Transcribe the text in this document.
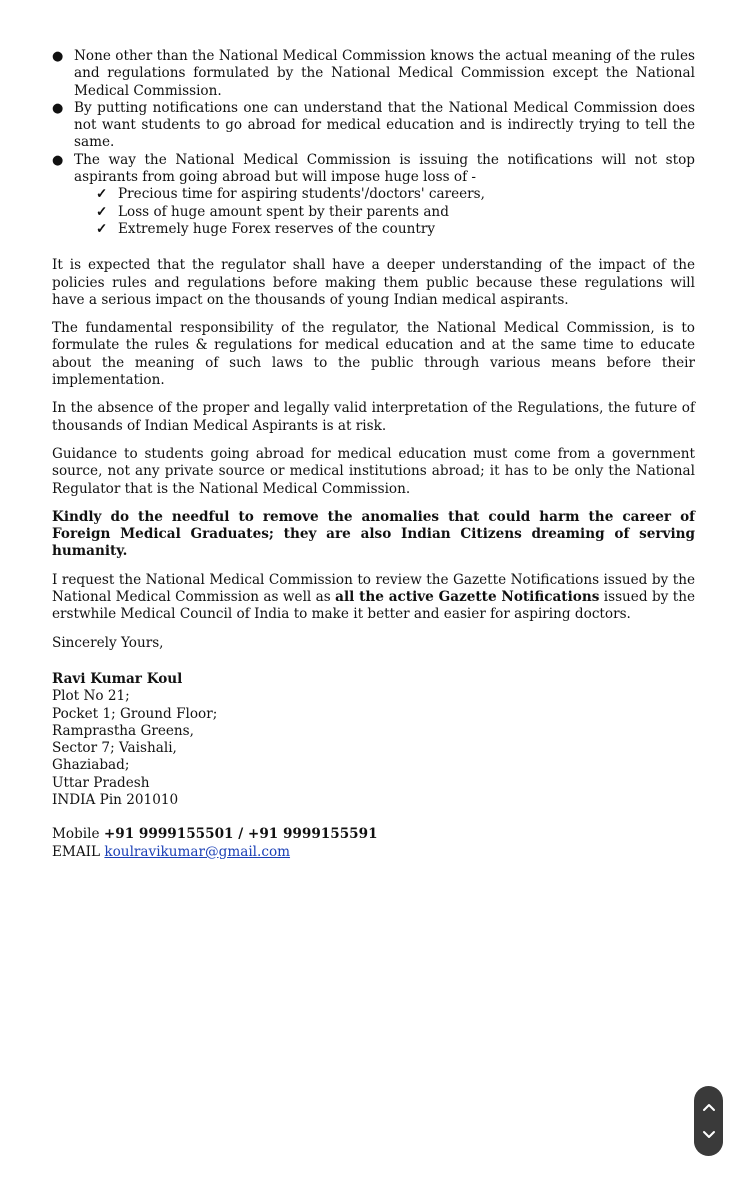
● None other than the National Medical Commission knows the actual meaning of the rules and regulations formulated by the National Medical Commission except the National Medical Commission.
● By putting notifications one can understand that the National Medical Commission does not want students to go abroad for medical education and is indirectly trying to tell the same.
● The way the National Medical Commission is issuing the notifications will not stop aspirants from going abroad but will impose huge loss of -
✓ Precious time for aspiring students'/doctors' careers,
✓ Loss of huge amount spent by their parents and
✓ Extremely huge Forex reserves of the country

It is expected that the regulator shall have a deeper understanding of the impact of the policies rules and regulations before making them public because these regulations will have a serious impact on the thousands of young Indian medical aspirants.

The fundamental responsibility of the regulator, the National Medical Commission, is to formulate the rules & regulations for medical education and at the same time to educate about the meaning of such laws to the public through various means before their implementation.

In the absence of the proper and legally valid interpretation of the Regulations, the future of thousands of Indian Medical Aspirants is at risk.

Guidance to students going abroad for medical education must come from a government source, not any private source or medical institutions abroad; it has to be only the National Regulator that is the National Medical Commission.

Kindly do the needful to remove the anomalies that could harm the career of Foreign Medical Graduates; they are also Indian Citizens dreaming of serving humanity.

I request the National Medical Commission to review the Gazette Notifications issued by the National Medical Commission as well as all the active Gazette Notifications issued by the erstwhile Medical Council of India to make it better and easier for aspiring doctors.

Sincerely Yours,

Ravi Kumar Koul

Plot No 21;
Pocket 1; Ground Floor;
Ramprastha Greens,
Sector 7; Vaishali,
Ghaziabad;
Uttar Pradesh
INDIA Pin 201010
Mobile +91 9999155501 / +91 9999155591
EMAIL koulravikumar@gmail.com
